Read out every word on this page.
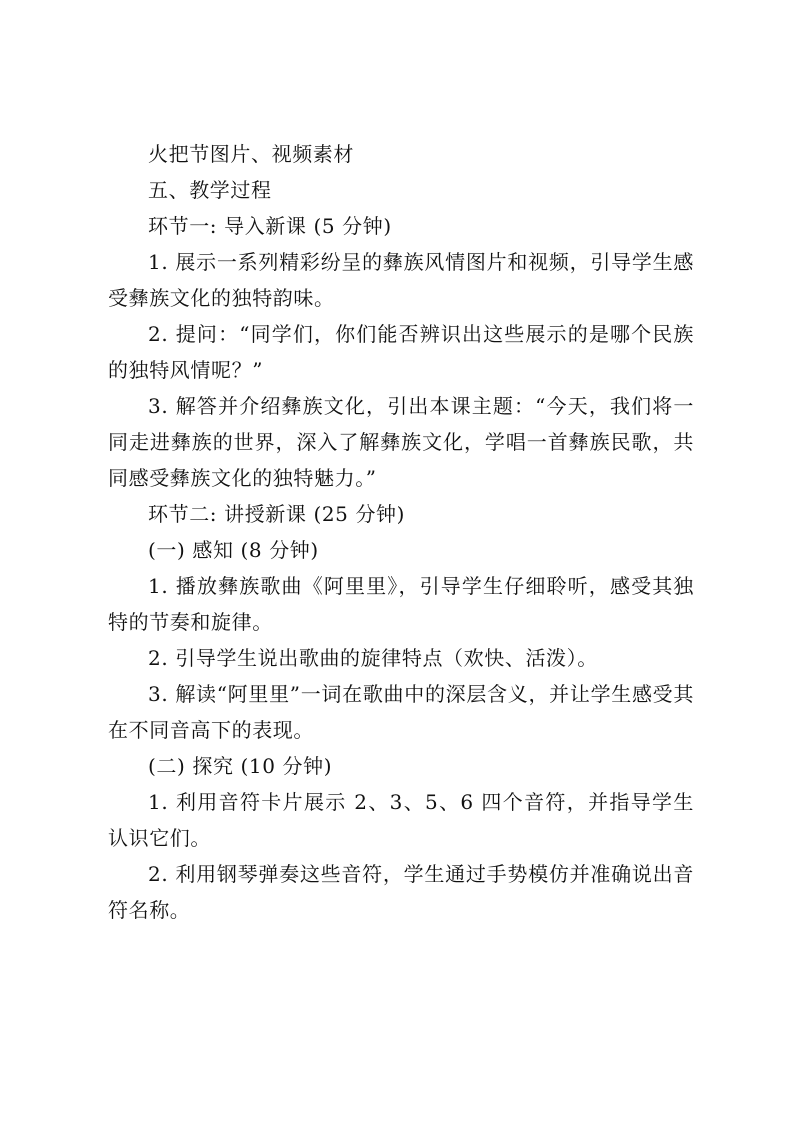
火把节图片、视频素材

五、教学过程

环节一: 导入新课 (5 分钟)

1. 展示一系列精彩纷呈的彝族风情图片和视频，引导学生感受彝族文化的独特韵味。

2. 提问：“同学们，你们能否辨识出这些展示的是哪个民族的独特风情呢？”

3. 解答并介绍彝族文化，引出本课主题：“今天，我们将一同走进彝族的世界，深入了解彝族文化，学唱一首彝族民歌，共同感受彝族文化的独特魅力。”

环节二: 讲授新课 (25 分钟)

(一) 感知 (8 分钟)

1. 播放彝族歌曲《阿里里》，引导学生仔细聆听，感受其独特的节奏和旋律。

2. 引导学生说出歌曲的旋律特点（欢快、活泼）。

3. 解读“阿里里”一词在歌曲中的深层含义，并让学生感受其在不同音高下的表现。

(二) 探究 (10 分钟)

1. 利用音符卡片展示 2、3、5、6 四个音符，并指导学生认识它们。

2. 利用钢琴弹奏这些音符，学生通过手势模仿并准确说出音符名称。
